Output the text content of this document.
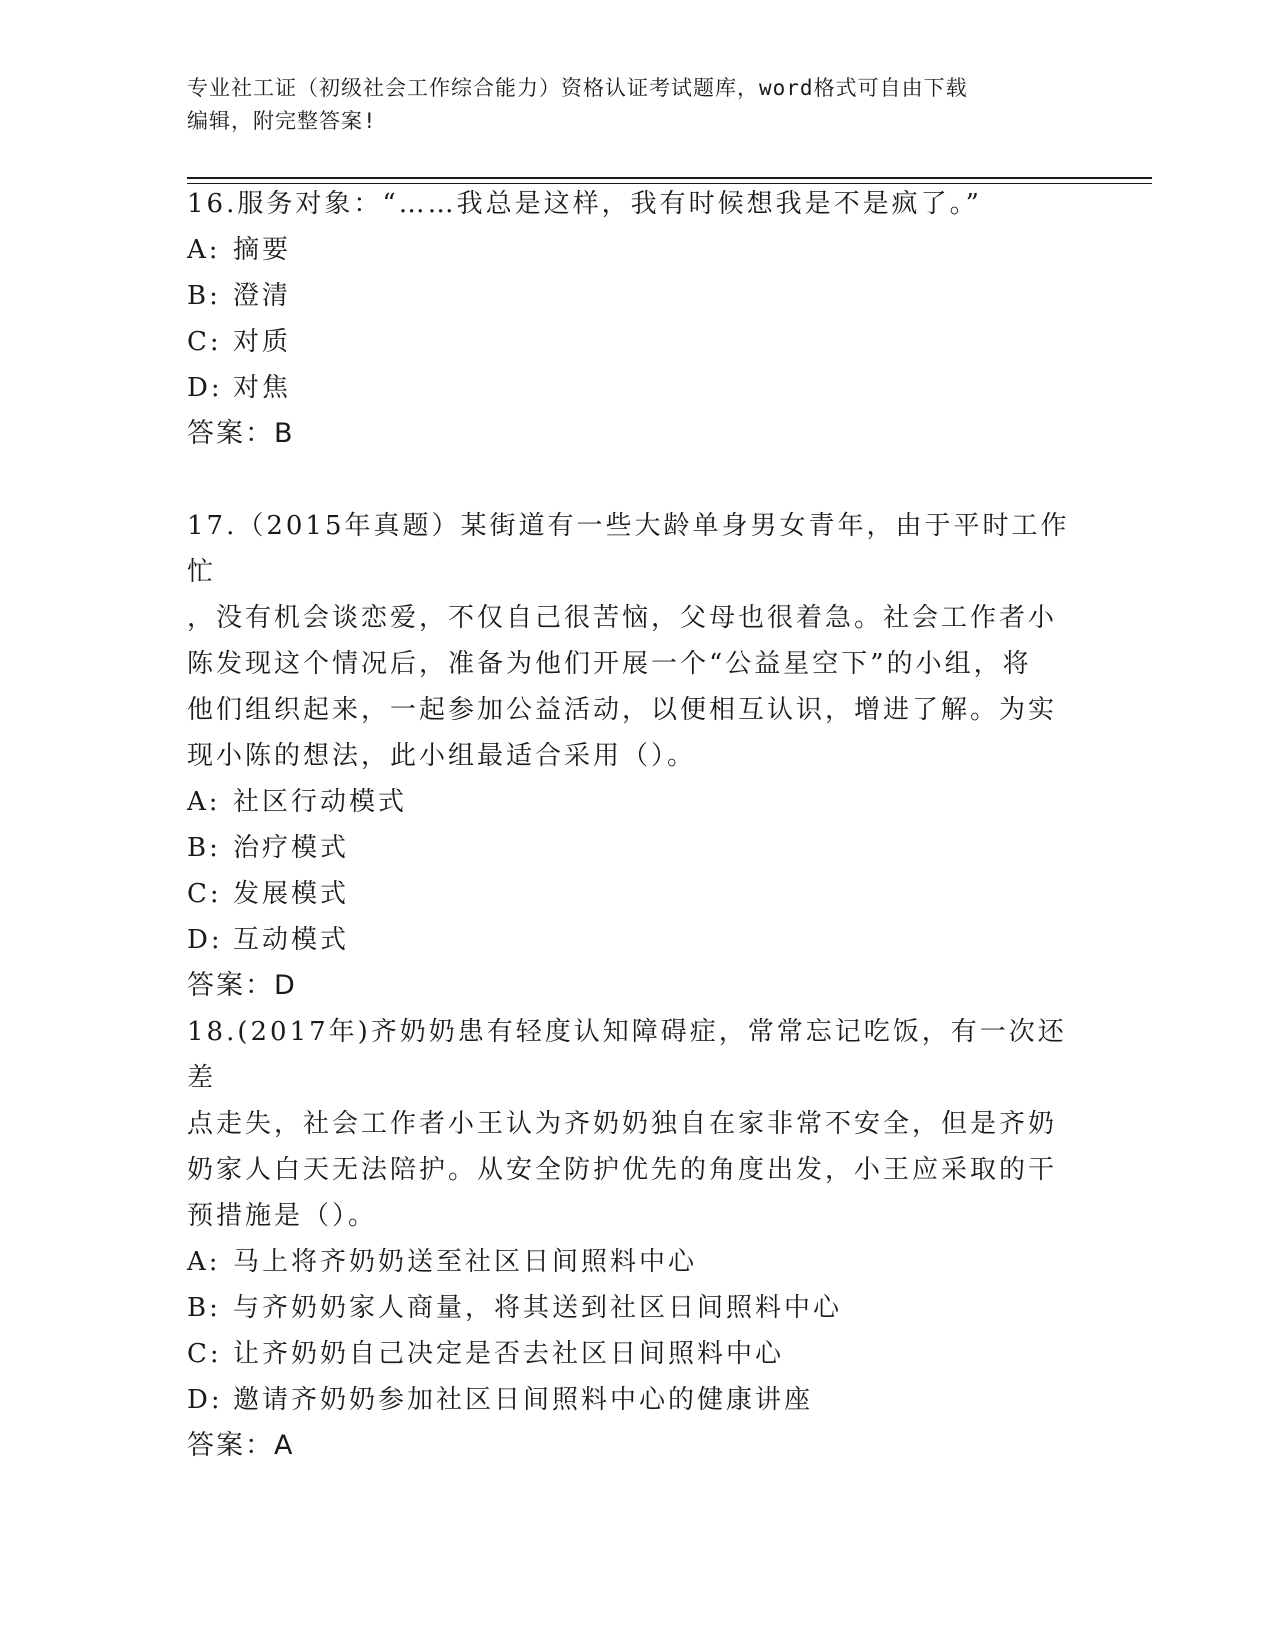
专业社工证（初级社会工作综合能力）资格认证考试题库，word格式可自由下载
编辑，附完整答案!

16.服务对象：“……我总是这样，我有时候想我是不是疯了。”

A: 摘要

B: 澄清

C: 对质

D: 对焦

答案：B

17.（2015年真题）某街道有一些大龄单身男女青年，由于平时工作忙

，没有机会谈恋爱，不仅自己很苦恼，父母也很着急。社会工作者小

陈发现这个情况后，准备为他们开展一个“公益星空下”的小组，将

他们组织起来，一起参加公益活动，以便相互认识，增进了解。为实

现小陈的想法，此小组最适合采用（）。

A: 社区行动模式

B: 治疗模式

C: 发展模式

D: 互动模式

答案：D

18.(2017年)齐奶奶患有轻度认知障碍症，常常忘记吃饭，有一次还差

点走失，社会工作者小王认为齐奶奶独自在家非常不安全，但是齐奶

奶家人白天无法陪护。从安全防护优先的角度出发，小王应采取的干

预措施是（）。

A: 马上将齐奶奶送至社区日间照料中心

B: 与齐奶奶家人商量，将其送到社区日间照料中心

C: 让齐奶奶自己决定是否去社区日间照料中心

D: 邀请齐奶奶参加社区日间照料中心的健康讲座

答案：A
